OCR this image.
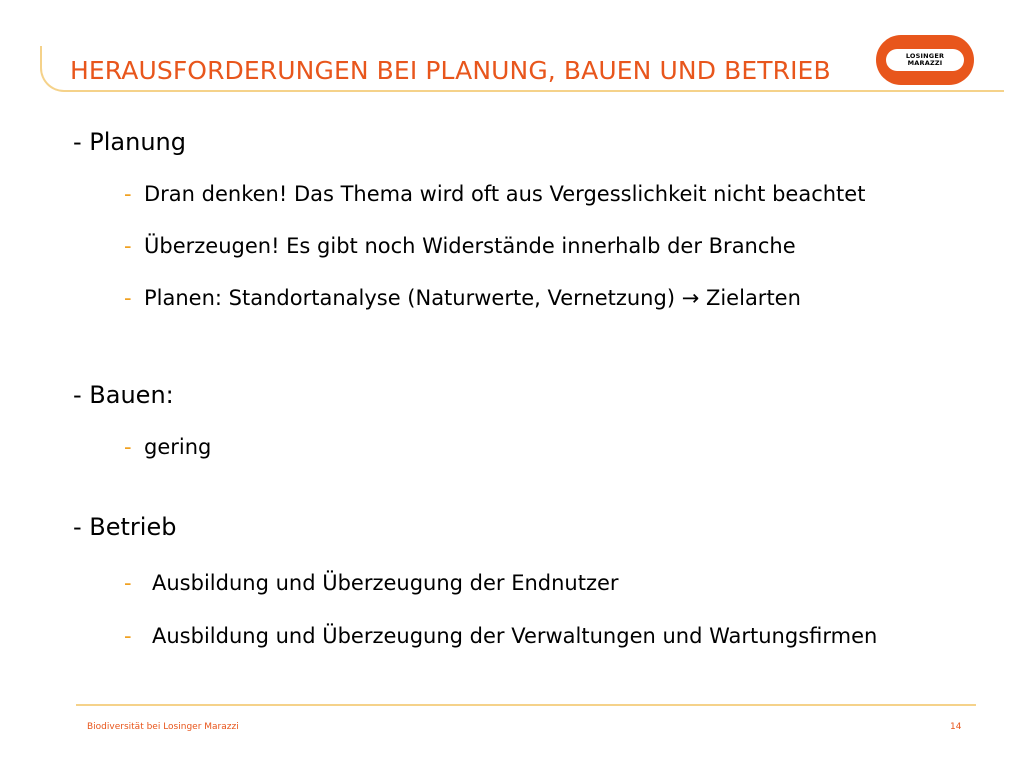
HERAUSFORDERUNGEN BEI PLANUNG, BAUEN UND BETRIEB	LOSINGER
MARAZZI
- Planung
- Dran denken! Das Thema wird oft aus Vergesslichkeit nicht beachtet
- Überzeugen! Es gibt noch Widerstände innerhalb der Branche
- Planen: Standortanalyse (Naturwerte, Vernetzung) → Zielarten
- Bauen:
- gering
- Betrieb
- Ausbildung und Überzeugung der Endnutzer
- Ausbildung und Überzeugung der Verwaltungen und Wartungsfirmen
Biodiversität bei Losinger Marazzi	14
